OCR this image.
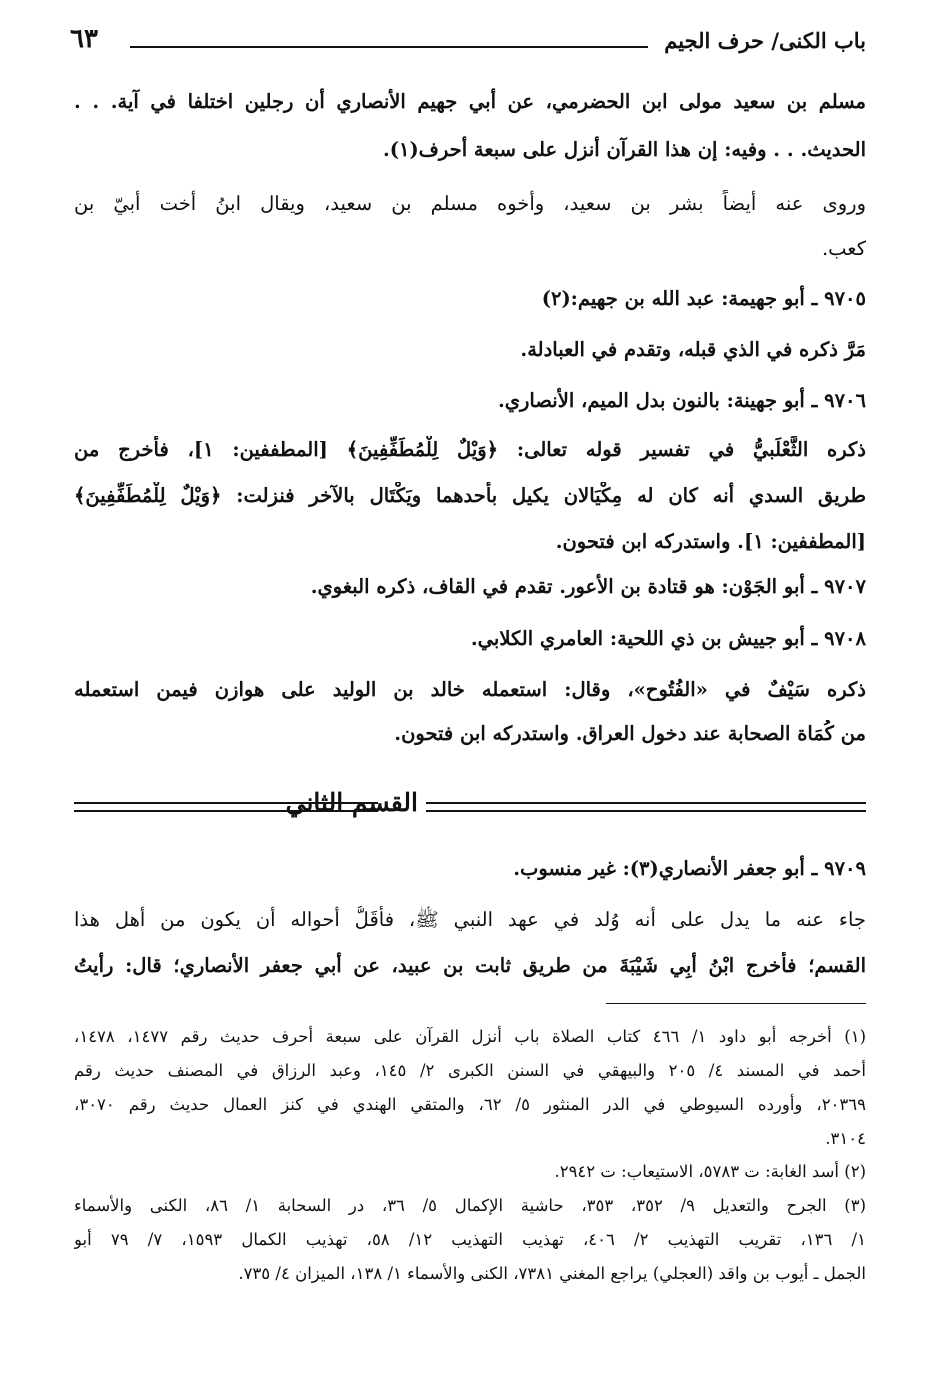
باب الكنى/ حرف الجيم
٦٣
مسلم بن سعيد مولى ابن الحضرمي، عن أبي جهيم الأنصاري أن رجلين اختلفا في آية. . .
الحديث. . . وفيه: إن هذا القرآن أنزل على سبعة أحرف(١).
وروى عنه أيضاً بشر بن سعيد، وأخوه مسلم بن سعيد، ويقال ابنُ أخت أبيّ بن
كعب.
٩٧٠٥ ـ أبو جهيمة: عبد الله بن جهيم:(٢)
مَرَّ ذكره في الذي قبله، وتقدم في العبادلة.
٩٧٠٦ ـ أبو جهينة: بالنون بدل الميم، الأنصاري.
ذكره الثَّعْلَبيُّ في تفسير قوله تعالى: ﴿وَيْلٌ لِلْمُطَفِّفِينَ﴾ [المطففين: ١]، فأخرج من
طريق السدي أنه كان له مِكْيَالان يكيل بأحدهما ويَكْتَال بالآخر فنزلت: ﴿وَيْلٌ لِلْمُطَفِّفِينَ﴾
[المطففين: ١]. واستدركه ابن فتحون.
٩٧٠٧ ـ أبو الجَوْن: هو قتادة بن الأعور. تقدم في القاف، ذكره البغوي.
٩٧٠٨ ـ أبو جييش بن ذي اللحية: العامري الكلابي.
ذكره سَيْفٌ في «الفُتُوح»، وقال: استعمله خالد بن الوليد على هوازن فيمن استعمله
من كُمَاة الصحابة عند دخول العراق. واستدركه ابن فتحون.
القسم الثاني
٩٧٠٩ ـ أبو جعفر الأنصاري(٣): غير منسوب.
جاء عنه ما يدل على أنه وُلد في عهد النبي ﷺ، فأقَلُّ أحواله أن يكون من أهل هذا
القسم؛ فأخرج ابْنُ أبِي شَيْبَةَ من طريق ثابت بن عبيد، عن أبي جعفر الأنصاري؛ قال: رأيتُ
(١) أخرجه أبو داود ١/ ٤٦٦ كتاب الصلاة باب أنزل القرآن على سبعة أحرف حديث رقم ١٤٧٧، ١٤٧٨،
أحمد في المسند ٤/ ٢٠٥ والبيهقي في السنن الكبرى ٢/ ١٤٥، وعبد الرزاق في المصنف حديث رقم
٢٠٣٦٩، وأورده السيوطي في الدر المنثور ٥/ ٦٢، والمتقي الهندي في كنز العمال حديث رقم ٣٠٧٠،
٣١٠٤.
(٢) أسد الغابة: ت ٥٧٨٣، الاستيعاب: ت ٢٩٤٢.
(٣) الجرح والتعديل ٩/ ٣٥٢، ٣٥٣، حاشية الإكمال ٥/ ٣٦، در السحابة ١/ ٨٦، الكنى والأسماء
١/ ١٣٦، تقريب التهذيب ٢/ ٤٠٦، تهذيب التهذيب ١٢/ ٥٨، تهذيب الكمال ١٥٩٣، ٧/ ٧٩ أبو
الجمل ـ أيوب بن واقد (العجلي) يراجع المغني ٧٣٨١، الكنى والأسماء ١/ ١٣٨، الميزان ٤/ ٧٣٥.
